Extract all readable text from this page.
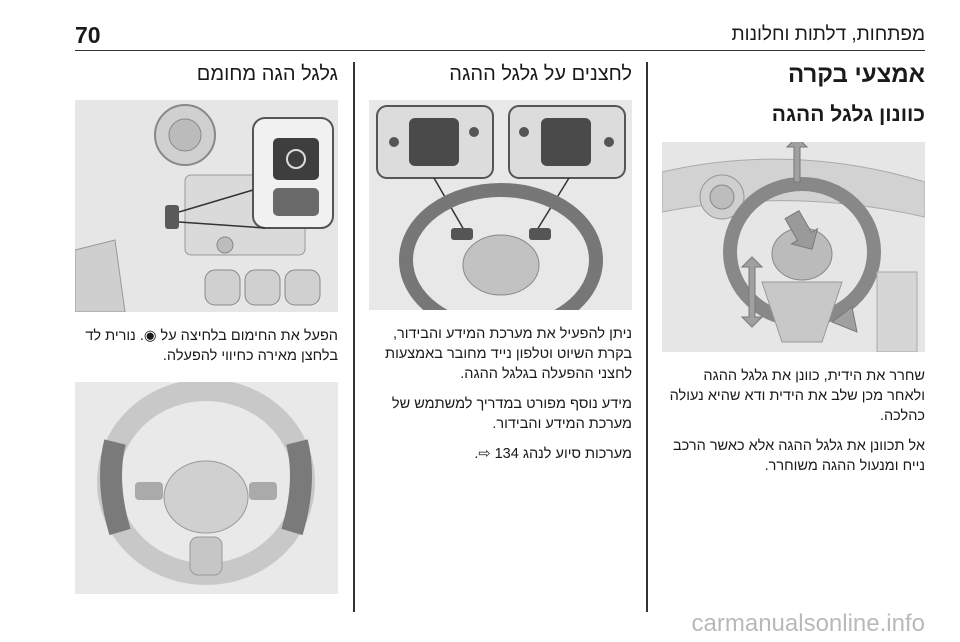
70	מפתחות, דלתות וחלונות
אמצעי בקרה
כוונון גלגל ההגה

שחרר את הידית, כוונן את גלגל ההגה ולאחר מכן שלב את הידית ודא שהיא נעולה כהלכה.

אל תכוונן את גלגל ההגה אלא כאשר הרכב נייח ומנעול ההגה משוחרר.

לחצנים על גלגל ההגה

ניתן להפעיל את מערכת המידע והבידור, בקרת השיוט וטלפון נייד מחובר באמצעות לחצני ההפעלה בגלגל ההגה.

מידע נוסף מפורט במדריך למשתמש של מערכת המידע והבידור.

מערכות סיוע לנהג 134 ⇨.

גלגל הגה מחומם

הפעל את החימום בלחיצה על ◉. נורית לד בלחצן מאירה כחיווי להפעלה.

carmanualsonline.info
